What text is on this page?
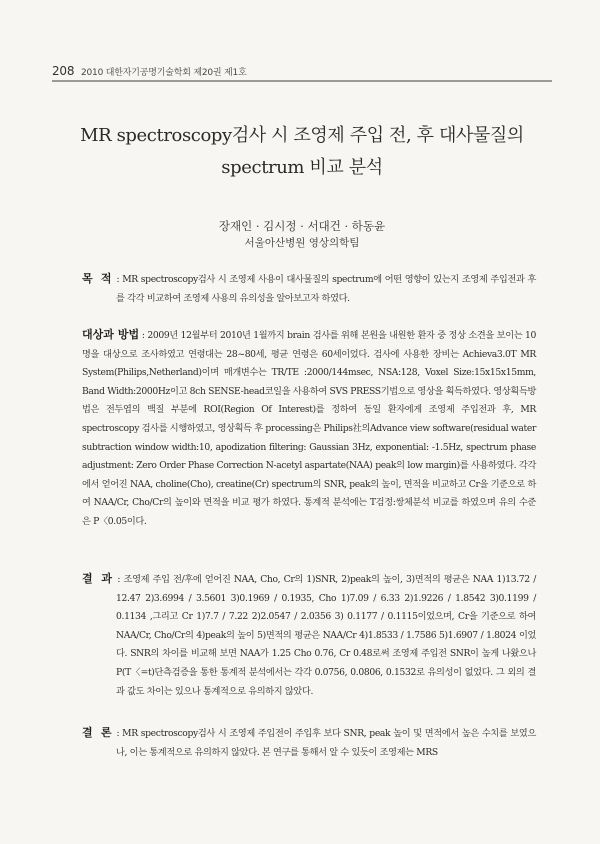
208 2010 대한자기공명기술학회 제20권 제1호
MR spectroscopy검사 시 조영제 주입 전, 후 대사물질의
spectrum 비교 분석
장재인 · 김시정 · 서대건 · 하동윤
서울아산병원 영상의학팀
목 적 : MR spectroscopy검사 시 조영제 사용이 대사물질의 spectrum에 어떤 영향이 있는지 조영제 주입전과 후를 각각 비교하여 조영제 사용의 유의성을 알아보고자 하였다.
대상과 방법 : 2009년 12월부터 2010년 1월까지 brain 검사를 위해 본원을 내원한 환자 중 정상 소견을 보이는 10명을 대상으로 조사하였고 연령대는 28~80세, 평균 연령은 60세이었다. 검사에 사용한 장비는 Achieva3.0T MR System(Philips,Netherland)이며 매개변수는 TR/TE :2000/144msec, NSA:128, Voxel Size:15x15x15mm, Band Width:2000Hz이고 8ch SENSE-head코일을 사용하여 SVS PRESS기법으로 영상을 획득하였다. 영상획득방법은 전두엽의 백질 부분에 ROI(Region Of Interest)를 정하여 동일 환자에게 조영제 주입전과 후, MR spectroscopy 검사를 시행하였고, 영상획득 후 processing은 Philips社의Advance view software(residual water subtraction window width:10, apodization filtering: Gaussian 3Hz, exponential: -1.5Hz, spectrum phase adjustment: Zero Order Phase Correction N-acetyl aspartate(NAA) peak의 low margin)를 사용하였다. 각각에서 얻어진 NAA, choline(Cho), creatine(Cr) spectrum의 SNR, peak의 높이, 면적을 비교하고 Cr을 기준으로 하여 NAA/Cr, Cho/Cr의 높이와 면적을 비교 평가 하였다. 통계적 분석에는 T검정:쌍체분석 비교를 하였으며 유의 수준은 P〈0.05이다.
결 과 : 조영제 주입 전/후에 얻어진 NAA, Cho, Cr의 1)SNR, 2)peak의 높이, 3)면적의 평균은 NAA 1)13.72 / 12.47 2)3.6994 / 3.5601 3)0.1969 / 0.1935, Cho 1)7.09 / 6.33 2)1.9226 / 1.8542 3)0.1199 / 0.1134 ,그리고 Cr 1)7.7 / 7.22 2)2.0547 / 2.0356 3) 0.1177 / 0.1115이었으며, Cr을 기준으로 하여 NAA/Cr, Cho/Cr의 4)peak의 높이 5)면적의 평균은 NAA/Cr 4)1.8533 / 1.7586 5)1.6907 / 1.8024 이었다. SNR의 차이를 비교해 보면 NAA가 1.25 Cho 0.76, Cr 0.48로써 조영제 주입전 SNR이 높게 나왔으나 P(T〈=t)단측검증을 통한 통계적 분석에서는 각각 0.0756, 0.0806, 0.1532로 유의성이 없었다. 그 외의 결과 값도 차이는 있으나 통계적으로 유의하지 않았다.
결 론 : MR spectroscopy검사 시 조영제 주입전이 주입후 보다 SNR, peak 높이 및 면적에서 높은 수치를 보였으나, 이는 통계적으로 유의하지 않았다. 본 연구를 통해서 알 수 있듯이 조영제는 MRS
